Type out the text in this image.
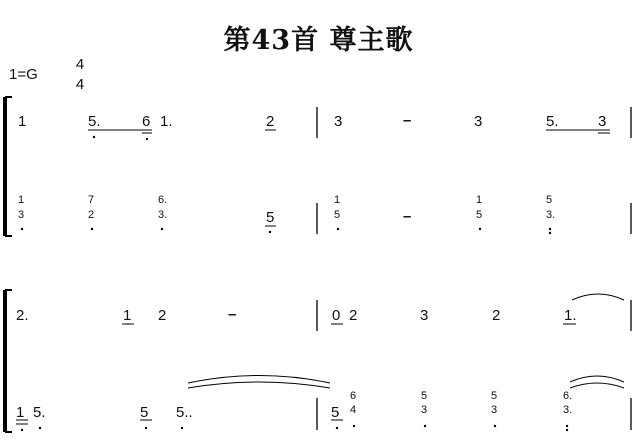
第43首 尊主歌
1=G
4
4
1	5.	6 1.	2	3	–	3	5.	3
1
3
7
2
6.
3.	5
1
5	–
1
5
5
3.
2.	1 2	–	0 2	3	2	1.
1 5.	5 5..	5
6
4
5
3
5
3
6.
3.
